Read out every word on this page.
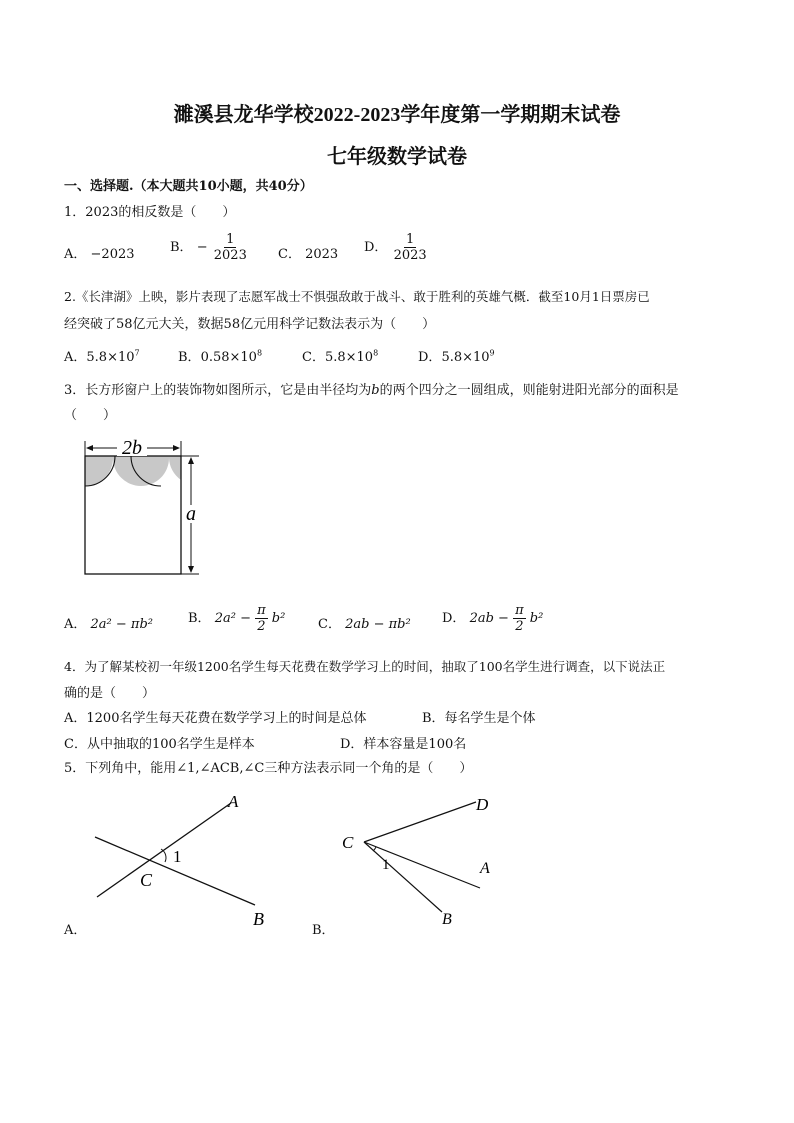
濉溪县龙华学校2022-2023学年度第一学期期末试卷
七年级数学试卷
一、选择题.（本大题共10小题，共40分）
1．2023的相反数是（　　）
A． −2023	B． − $\frac{1}{2023}$ C． 2023 D． $\frac{1}{2023}$
2.《长津湖》上映，影片表现了志愿军战士不惧强敌敢于战斗、敢于胜利的英雄气概．截至10月1日票房已
经突破了58亿元大关，数据58亿元用科学记数法表示为（　　）
A．$5.8\times 10^7$	B．$0.58\times 10^8$	C．$5.8\times 10^8$	D．$5.8\times 10^9$
3．长方形窗户上的装饰物如图所示，它是由半径均为b的两个四分之一圆组成，则能射进阳光部分的面积是
（　　）
2b
a
A． 2a² − πb²	B． $2a^2 - \frac{\pi}{2} b^2$	C． 2ab − πb² D． $2ab - \frac{\pi}{2} b^2$
4．为了解某校初一年级1200名学生每天花费在数学学习上的时间，抽取了100名学生进行调查，以下说法正
确的是（　　）
A．1200名学生每天花费在数学学习上的时间是总体	B．每名学生是个体
C．从中抽取的100名学生是样本	D．样本容量是100名
5．下列角中，能用∠1,∠ACB,∠C三种方法表示同一个角的是（　　）
A
1
C
B
A．
D
C
1	A
B
B．
